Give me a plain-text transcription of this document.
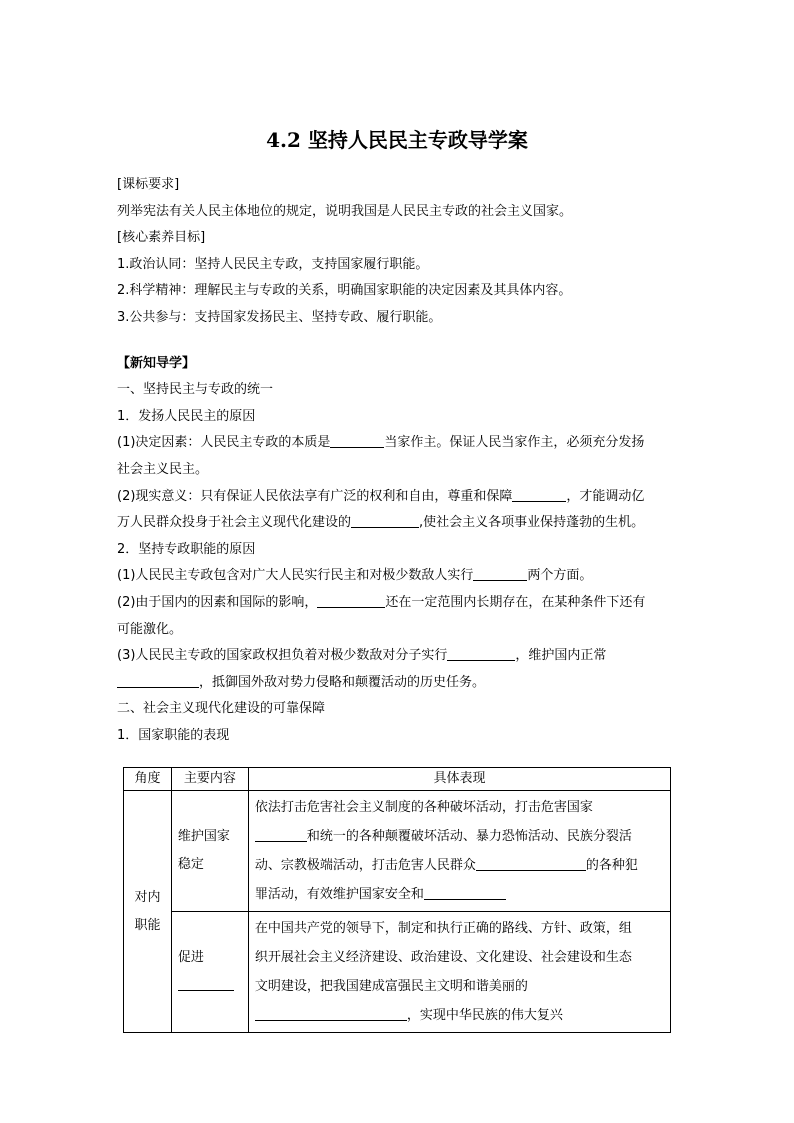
4.2 坚持人民民主专政导学案

[课标要求]

列举宪法有关人民主体地位的规定，说明我国是人民民主专政的社会主义国家。

[核心素养目标]

1.政治认同：坚持人民民主专政，支持国家履行职能。

2.科学精神：理解民主与专政的关系，明确国家职能的决定因素及其具体内容。

3.公共参与：支持国家发扬民主、坚持专政、履行职能。

【新知导学】

一、坚持民主与专政的统一

1．发扬人民民主的原因

(1)决定因素：人民民主专政的本质是	当家作主。保证人民当家作主，必须充分发扬

社会主义民主。

(2)现实意义：只有保证人民依法享有广泛的权利和自由，尊重和保障	，才能调动亿

万人民群众投身于社会主义现代化建设的	,使社会主义各项事业保持蓬勃的生机。

2．坚持专政职能的原因

(1)人民民主专政包含对广大人民实行民主和对极少数敌人实行	两个方面。

(2)由于国内的因素和国际的影响，	还在一定范围内长期存在，在某种条件下还有

可能激化。

(3)人民民主专政的国家政权担负着对极少数敌对分子实行	，维护国内正常

，抵御国外敌对势力侵略和颠覆活动的历史任务。

二、社会主义现代化建设的可靠保障

1．国家职能的表现

角度	主要内容	具体表现
对内职能	维护国家稳定	依法打击危害社会主义制度的各种破坏活动，打击危害国家
和统一的各种颠覆破坏活动、暴力恐怖活动、民族分裂活
动、宗教极端活动，打击危害人民群众 的各种犯
罪活动，有效维护国家安全和

	促进	在中国共产党的领导下，制定和执行正确的路线、方针、政策，组
织开展社会主义经济建设、政治建设、文化建设、社会建设和生态
文明建设，把我国建成富强民主文明和谐美丽的
，实现中华民族的伟大复兴
